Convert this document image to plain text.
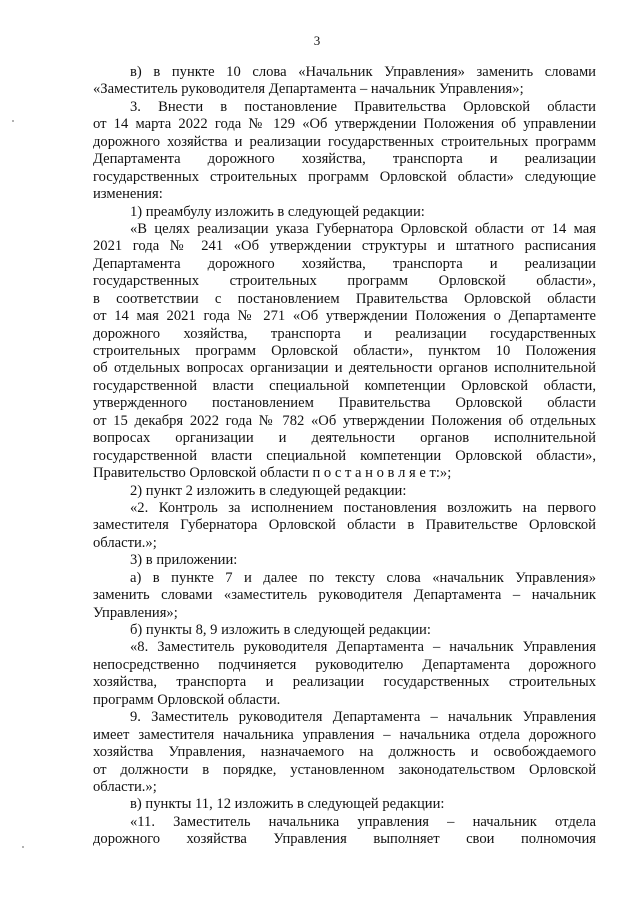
3
в) в пункте 10 слова «Начальник Управления» заменить словами
«Заместитель руководителя Департамента – начальник Управления»;
3. Внести в постановление Правительства Орловской области
от 14 марта 2022 года № 129 «Об утверждении Положения об управлении
дорожного хозяйства и реализации государственных строительных программ
Департамента дорожного хозяйства, транспорта и реализации
государственных строительных программ Орловской области» следующие
изменения:
1) преамбулу изложить в следующей редакции:
«В целях реализации указа Губернатора Орловской области от 14 мая
2021 года № 241 «Об утверждении структуры и штатного расписания
Департамента дорожного хозяйства, транспорта и реализации
государственных строительных программ Орловской области»,
в соответствии с постановлением Правительства Орловской области
от 14 мая 2021 года № 271 «Об утверждении Положения о Департаменте
дорожного хозяйства, транспорта и реализации государственных
строительных программ Орловской области», пунктом 10 Положения
об отдельных вопросах организации и деятельности органов исполнительной
государственной власти специальной компетенции Орловской области,
утвержденного постановлением Правительства Орловской области
от 15 декабря 2022 года № 782 «Об утверждении Положения об отдельных
вопросах организации и деятельности органов исполнительной
государственной власти специальной компетенции Орловской области»,
Правительство Орловской области п о с т а н о в л я е т:»;
2) пункт 2 изложить в следующей редакции:
«2. Контроль за исполнением постановления возложить на первого
заместителя Губернатора Орловской области в Правительстве Орловской
области.»;
3) в приложении:
а) в пункте 7 и далее по тексту слова «начальник Управления»
заменить словами «заместитель руководителя Департамента – начальник
Управления»;
б) пункты 8, 9 изложить в следующей редакции:
«8. Заместитель руководителя Департамента – начальник Управления
непосредственно подчиняется руководителю Департамента дорожного
хозяйства, транспорта и реализации государственных строительных
программ Орловской области.
9. Заместитель руководителя Департамента – начальник Управления
имеет заместителя начальника управления – начальника отдела дорожного
хозяйства Управления, назначаемого на должность и освобождаемого
от должности в порядке, установленном законодательством Орловской
области.»;
в) пункты 11, 12 изложить в следующей редакции:
«11. Заместитель начальника управления – начальник отдела
дорожного хозяйства Управления выполняет свои полномочия
